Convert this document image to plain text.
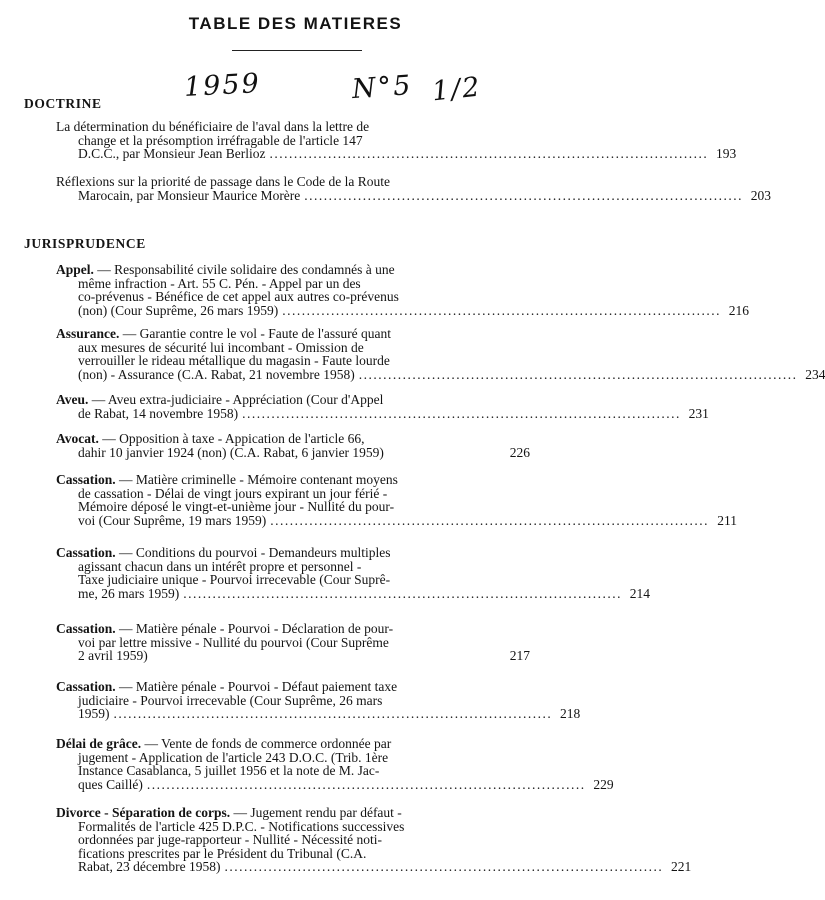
TABLE DES MATIERES
1959	N°5 1/2
DOCTRINE
La détermination du bénéficiaire de l'aval dans la lettre de
change et la présomption irréfragable de l'article 147
D.C.C., par Monsieur Jean Berlioz .......................................................................................... 193
Réflexions sur la priorité de passage dans le Code de la Route
Marocain, par Monsieur Maurice Morère .......................................................................................... 203
JURISPRUDENCE
Appel. — Responsabilité civile solidaire des condamnés à une
même infraction - Art. 55 C. Pén. - Appel par un des
co-prévenus - Bénéfice de cet appel aux autres co-prévenus
(non) (Cour Suprême, 26 mars 1959) .......................................................................................... 216
Assurance. — Garantie contre le vol - Faute de l'assuré quant
aux mesures de sécurité lui incombant - Omission de
verrouiller le rideau métallique du magasin - Faute lourde
(non) - Assurance (C.A. Rabat, 21 novembre 1958) .......................................................................................... 234
Aveu. — Aveu extra-judiciaire - Appréciation (Cour d'Appel
de Rabat, 14 novembre 1958) .......................................................................................... 231
Avocat. — Opposition à taxe - Appication de l'article 66,
dahir 10 janvier 1924 (non) (C.A. Rabat, 6 janvier 1959)	226
Cassation. — Matière criminelle - Mémoire contenant moyens
de cassation - Délai de vingt jours expirant un jour férié -
Mémoire déposé le vingt-et-unième jour - Nullité du pour-
voi (Cour Suprême, 19 mars 1959) .......................................................................................... 211
Cassation. — Conditions du pourvoi - Demandeurs multiples
agissant chacun dans un intérêt propre et personnel -
Taxe judiciaire unique - Pourvoi irrecevable (Cour Suprê-
me, 26 mars 1959) .......................................................................................... 214
Cassation. — Matière pénale - Pourvoi - Déclaration de pour-
voi par lettre missive - Nullité du pourvoi (Cour Suprême
2 avril 1959)	217
Cassation. — Matière pénale - Pourvoi - Défaut paiement taxe
judiciaire - Pourvoi irrecevable (Cour Suprême, 26 mars
1959) .......................................................................................... 218
Délai de grâce. — Vente de fonds de commerce ordonnée par
jugement - Application de l'article 243 D.O.C. (Trib. 1ère
Instance Casablanca, 5 juillet 1956 et la note de M. Jac-
ques Caillé) .......................................................................................... 229
Divorce - Séparation de corps. — Jugement rendu par défaut -
Formalités de l'article 425 D.P.C. - Notifications successives
ordonnées par juge-rapporteur - Nullité - Nécessité noti-
fications prescrites par le Président du Tribunal (C.A.
Rabat, 23 décembre 1958) .......................................................................................... 221
